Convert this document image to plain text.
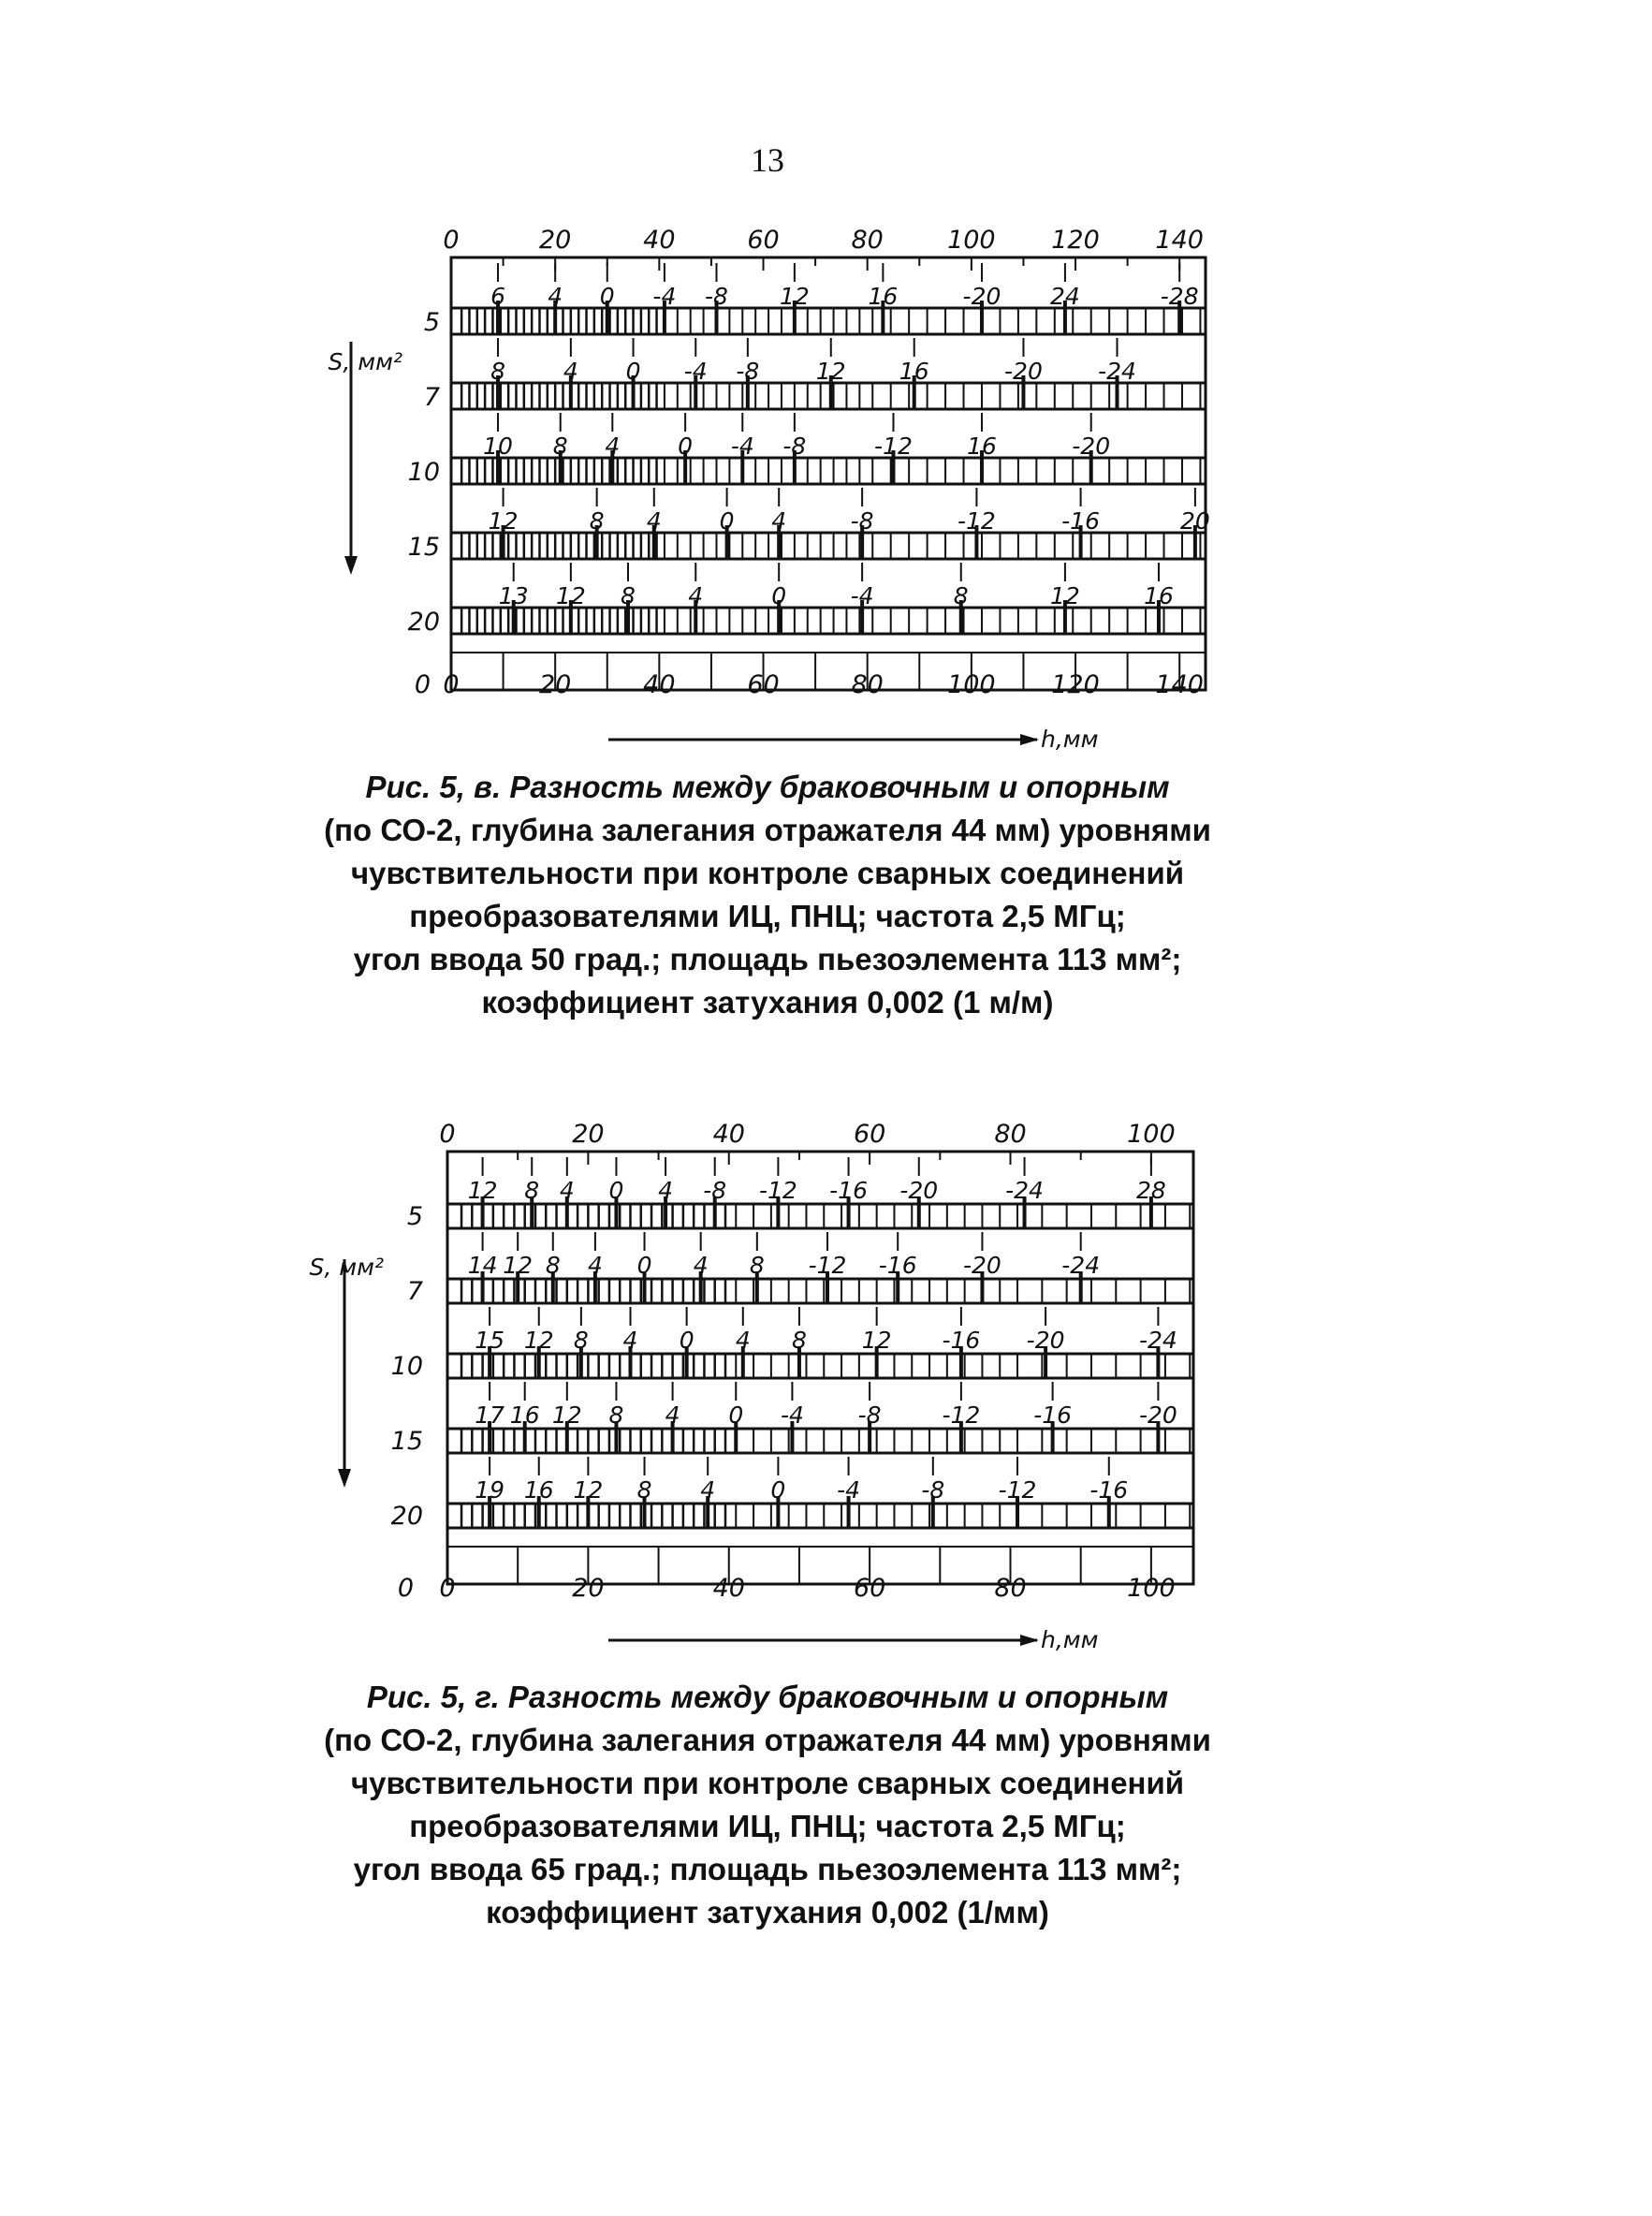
13
0
0
20
20
40
40
60
60
80
80
100
100
120
120
140
140
5
6 4 0 -4 -8 12	16	-20 24	-28
7
8 4 0 -4 -8 12 16	-20 -24
10
10 8 4 0 -4 -8	-12 16	-20
15
12	8 4 0 4	-8	-12	-16	20
20
13 12 8 4	0	-4	8	12	16
S, мм²
0
h,мм
Рис. 5, в. Разность между браковочным и опорным
(по СО-2, глубина залегания отражателя 44 мм) уровнями
чувствительности при контроле сварных соединений
преобразователями ИЦ, ПНЦ; частота 2,5 МГц;
угол ввода 50 град.; площадь пьезоэлемента 113 мм²;
коэффициент затухания 0,002 (1 м/м)
0
0
20
20
40
40
60
60
80
80
100
100
5
12 8 4 0 4 -8 -12 -16 -20	-24	28
7
14 12 8 4 0 4 8 -12 -16 -20	-24
10
15 12 8 4 0 4 8 12 -16 -20	-24
15
17 16 12 8 4 0 -4 -8	-12 -16	-20
20
19 16 12 8 4 0 -4	-8 -12 -16
S, мм²
0
h,мм
Рис. 5, г. Разность между браковочным и опорным
(по СО-2, глубина залегания отражателя 44 мм) уровнями
чувствительности при контроле сварных соединений
преобразователями ИЦ, ПНЦ; частота 2,5 МГц;
угол ввода 65 град.; площадь пьезоэлемента 113 мм²;
коэффициент затухания 0,002 (1/мм)
